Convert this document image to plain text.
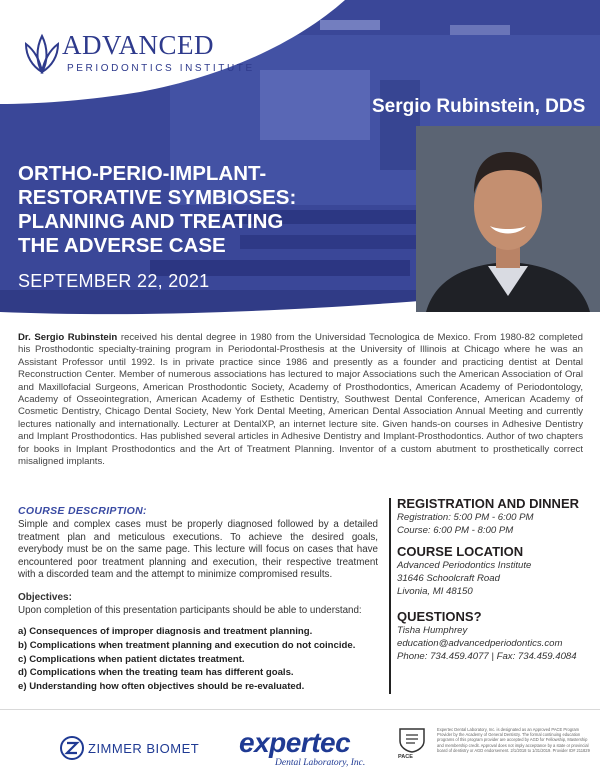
ADVANCED
PERIODONTICS INSTITUTE
Sergio Rubinstein, DDS
ORTHO-PERIO-IMPLANT-
RESTORATIVE SYMBIOSES:
PLANNING AND TREATING
THE ADVERSE CASE
SEPTEMBER 22, 2021

Dr. Sergio Rubinstein received his dental degree in 1980 from the Universidad Tecnologica de Mexico. From 1980-82 completed his Prosthodontic specialty-training program in Periodontal-Prosthesis at the University of Illinois at Chicago where he was an Assistant Professor until 1992. Is in private practice since 1986 and presently as a founder and practicing dentist at Dental Reconstruction Center. Member of numerous associations has lectured to major Associations such the American Association of Oral and Maxillofacial Surgeons, American Prosthodontic Society, Academy of Prosthodontics, American Academy of Periodontology, Academy of Osseointegration, American Academy of Esthetic Dentistry, Southwest Dental Conference, American Academy of Cosmetic Dentistry, Chicago Dental Society, New York Dental Meeting, American Dental Association Annual Meeting and currently lectures nationally and internationally. Lecturer at DentalXP, an internet lecture site. Given hands-on courses in Adhesive Dentistry and Implant Prosthodontics. Has published several articles in Adhesive Dentistry and Implant-Prosthodontics. Author of two chapters for books in Implant Prosthodontics and the Art of Treatment Planning. Inventor of a custom abutment to prosthetically correct misaligned implants.

COURSE DESCRIPTION:

Simple and complex cases must be properly diagnosed followed by a detailed treatment plan and meticulous executions. To achieve the desired goals, everybody must be on the same page. This lecture will focus on cases that have encountered poor treatment planning and execution, their respective treatment with a discorded team and the attempt to minimize compromised results.

Objectives:
Upon completion of this presentation participants should be able to understand:
a) Consequences of improper diagnosis and treatment planning.
b) Complications when treatment planning and execution do not coincide.
c) Complications when patient dictates treatment.
d) Complications when the treating team has different goals.
e) Understanding how often objectives should be re-evaluated.
REGISTRATION AND DINNER

Registration: 5:00 PM - 6:00 PM

Course: 6:00 PM - 8:00 PM

COURSE LOCATION

Advanced Periodontics Institute

31646 Schoolcraft Road

Livonia, MI 48150

QUESTIONS?

Tisha Humphrey

education@advancedperiodontics.com

Phone: 734.459.4077 | Fax: 734.459.4084

ZIMMER BIOMET expertec
Dental Laboratory, Inc.
PACE

Expertec Dental Laboratory, Inc. is designated as an Approved PACE Program Provider by the Academy of General Dentistry. The formal continuing education programs of this program provider are accepted by AGD for Fellowship, Mastership and membership credit. Approval does not imply acceptance by a state or provincial board of dentistry or AGD endorsement. 2/1/2018 to 1/31/2019. Provider ID# 211829
